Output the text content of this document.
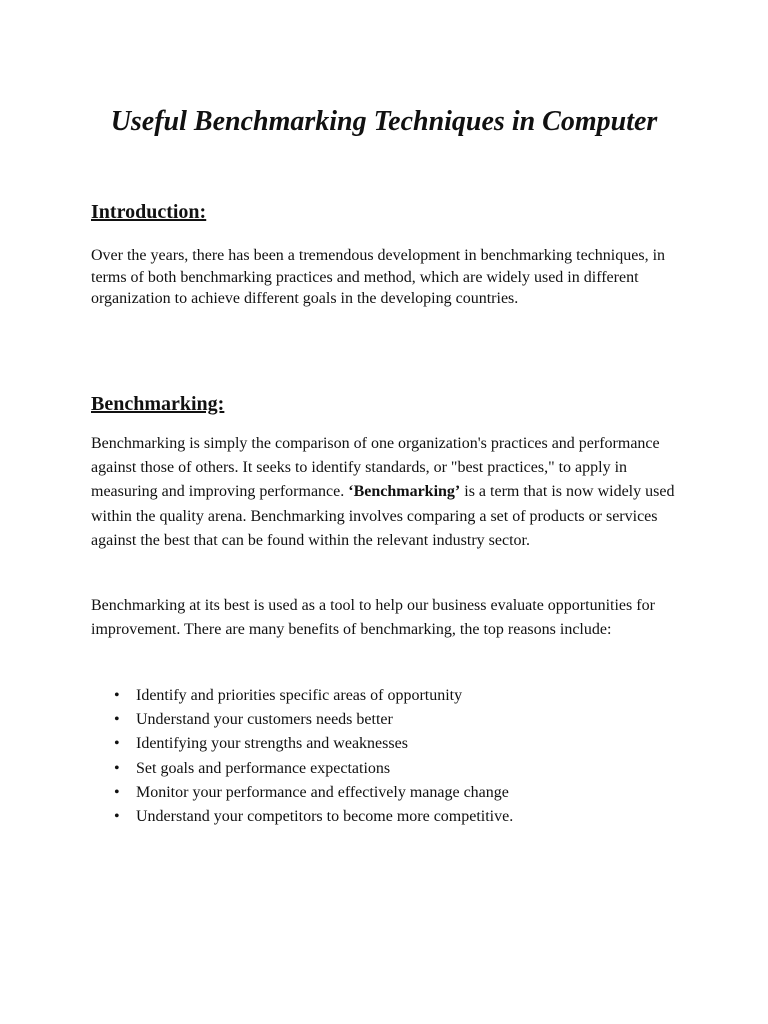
Useful Benchmarking Techniques in Computer
Introduction:

Over the years, there has been a tremendous development in benchmarking techniques, in terms of both benchmarking practices and method, which are widely used in different organization to achieve different goals in the developing countries.

Benchmarking:

Benchmarking is simply the comparison of one organization's practices and performance against those of others. It seeks to identify standards, or "best practices," to apply in measuring and improving performance. ‘Benchmarking’ is a term that is now widely used within the quality arena. Benchmarking involves comparing a set of products or services against the best that can be found within the relevant industry sector.

Benchmarking at its best is used as a tool to help our business evaluate opportunities for improvement. There are many benefits of benchmarking, the top reasons include:

• Identify and priorities specific areas of opportunity
• Understand your customers needs better
• Identifying your strengths and weaknesses
• Set goals and performance expectations
• Monitor your performance and effectively manage change
• Understand your competitors to become more competitive.
